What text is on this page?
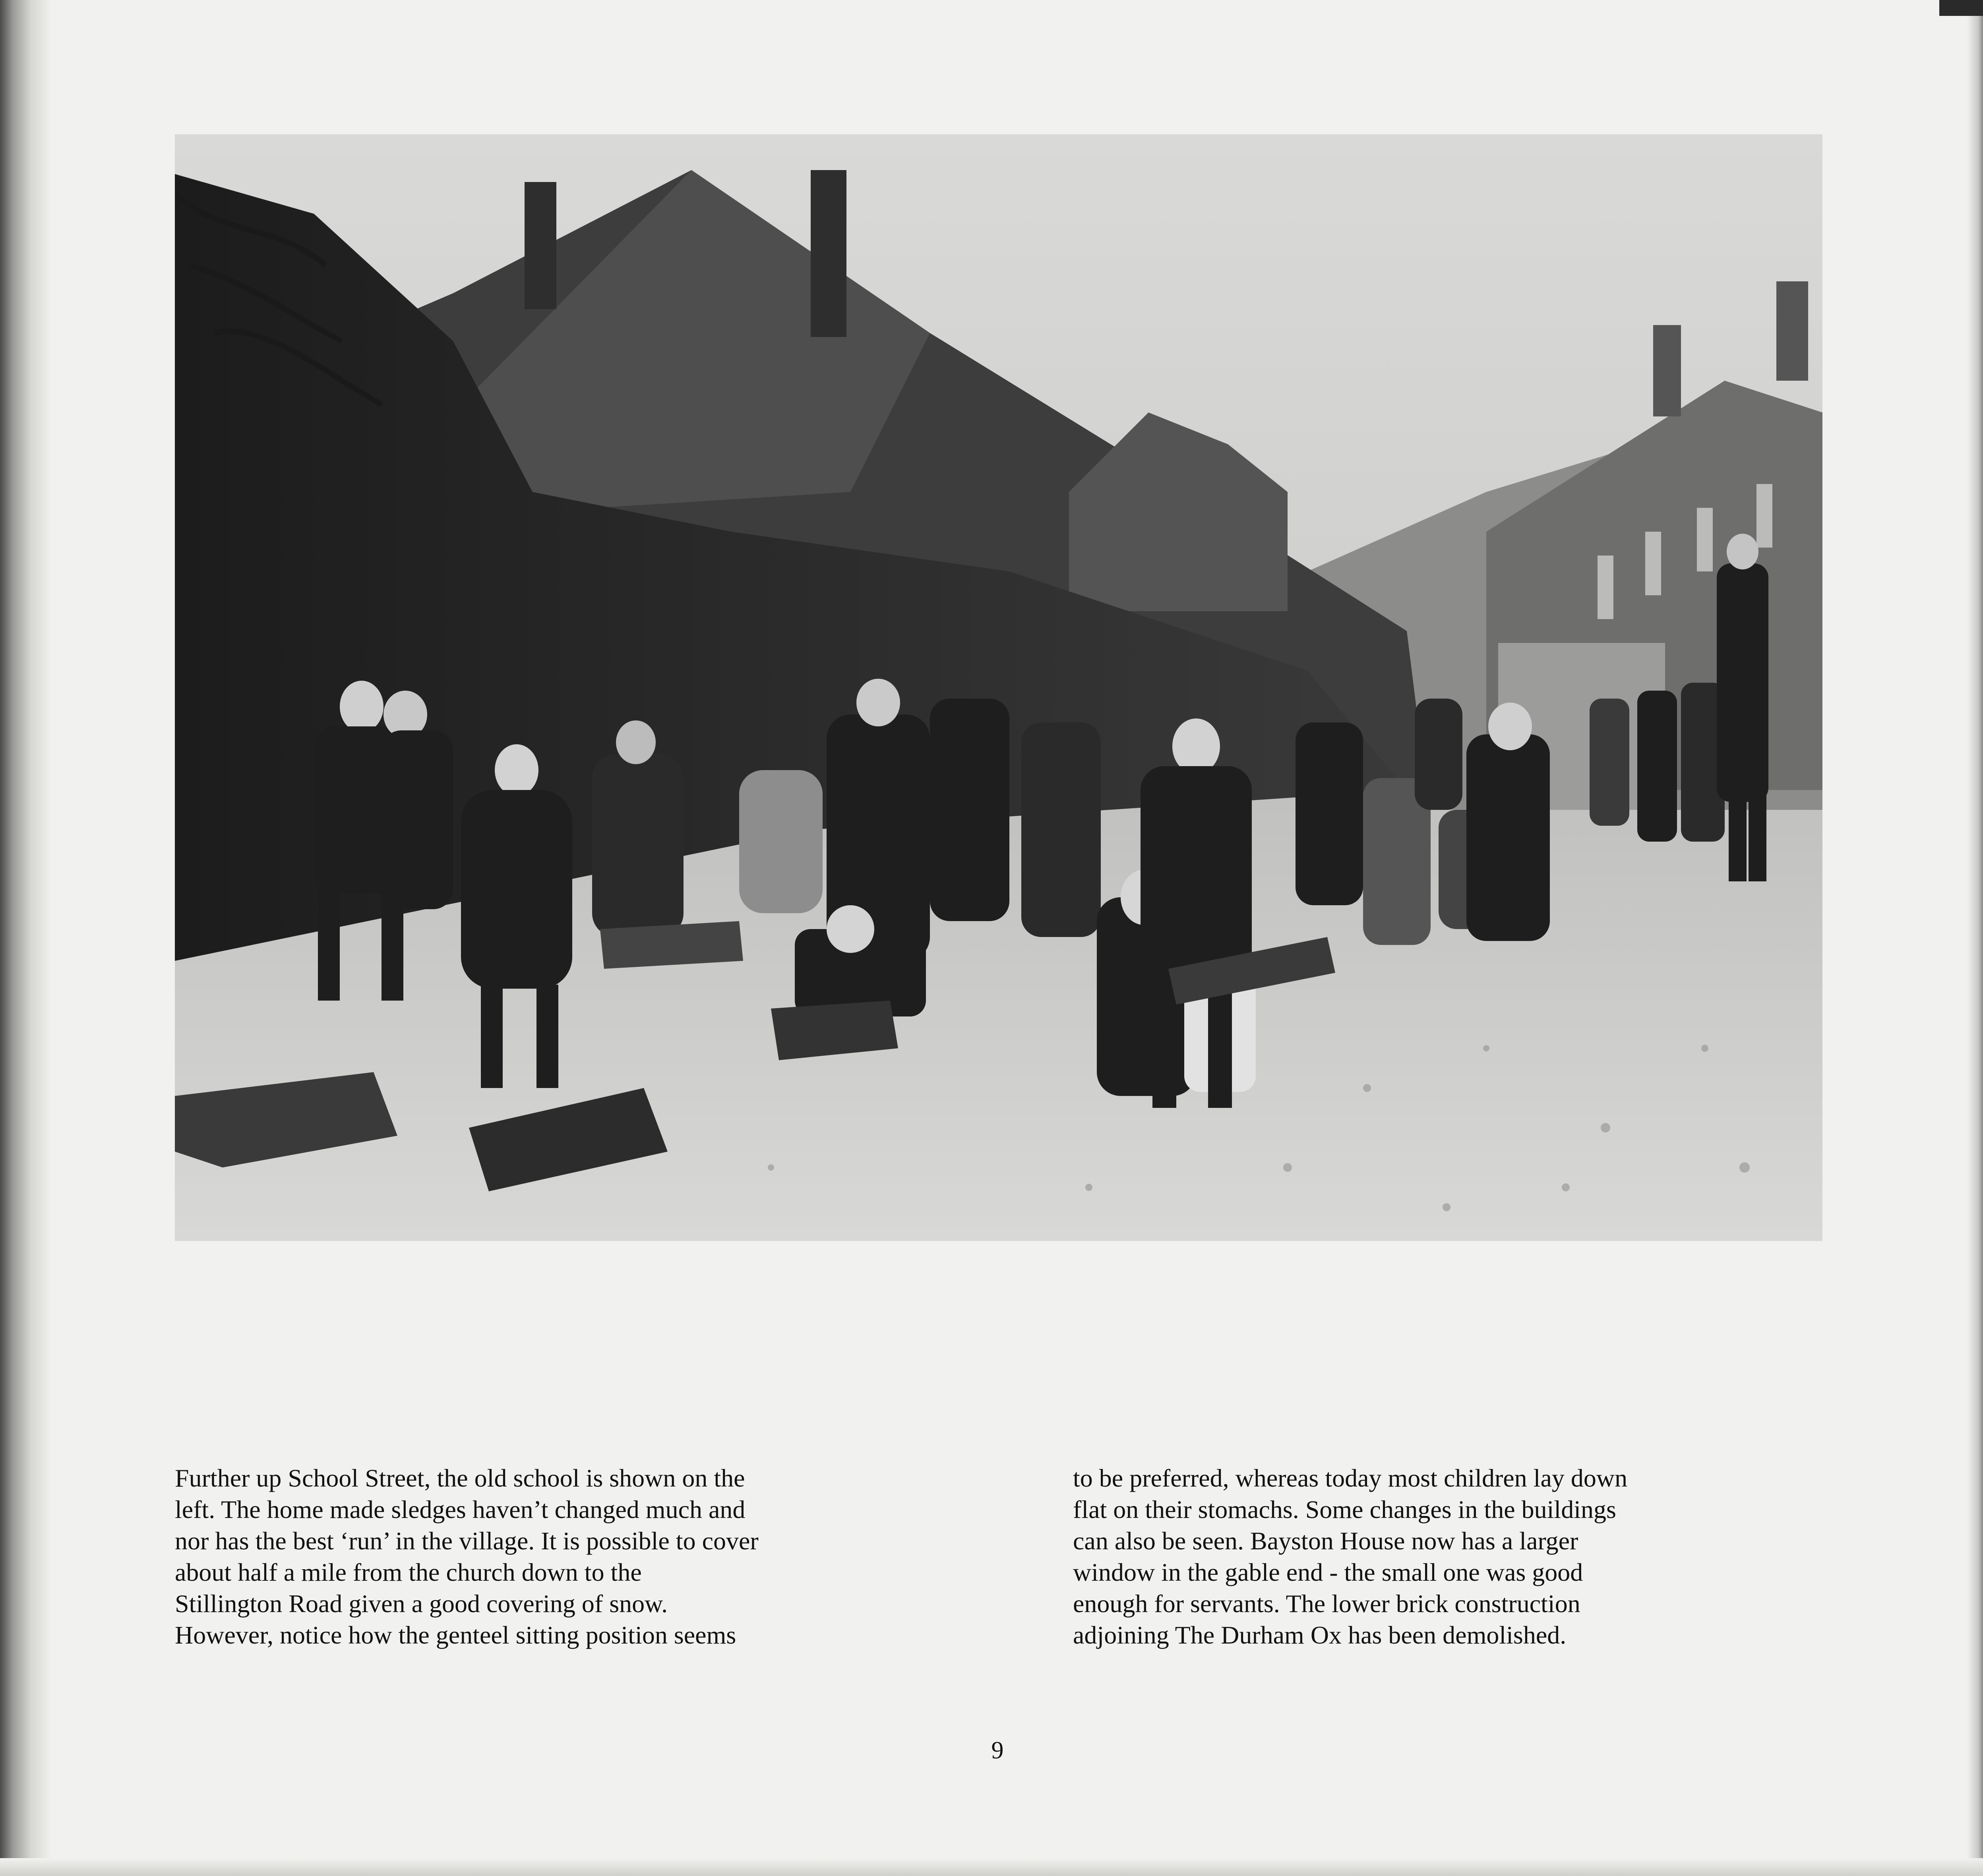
Further up School Street, the old school is shown on the
left. The home made sledges haven’t changed much and
nor has the best ‘run’ in the village. It is possible to cover
about half a mile from the church down to the
Stillington Road given a good covering of snow.
However, notice how the genteel sitting position seems
to be preferred, whereas today most children lay down
flat on their stomachs. Some changes in the buildings
can also be seen. Bayston House now has a larger
window in the gable end - the small one was good
enough for servants. The lower brick construction
adjoining The Durham Ox has been demolished.
9
